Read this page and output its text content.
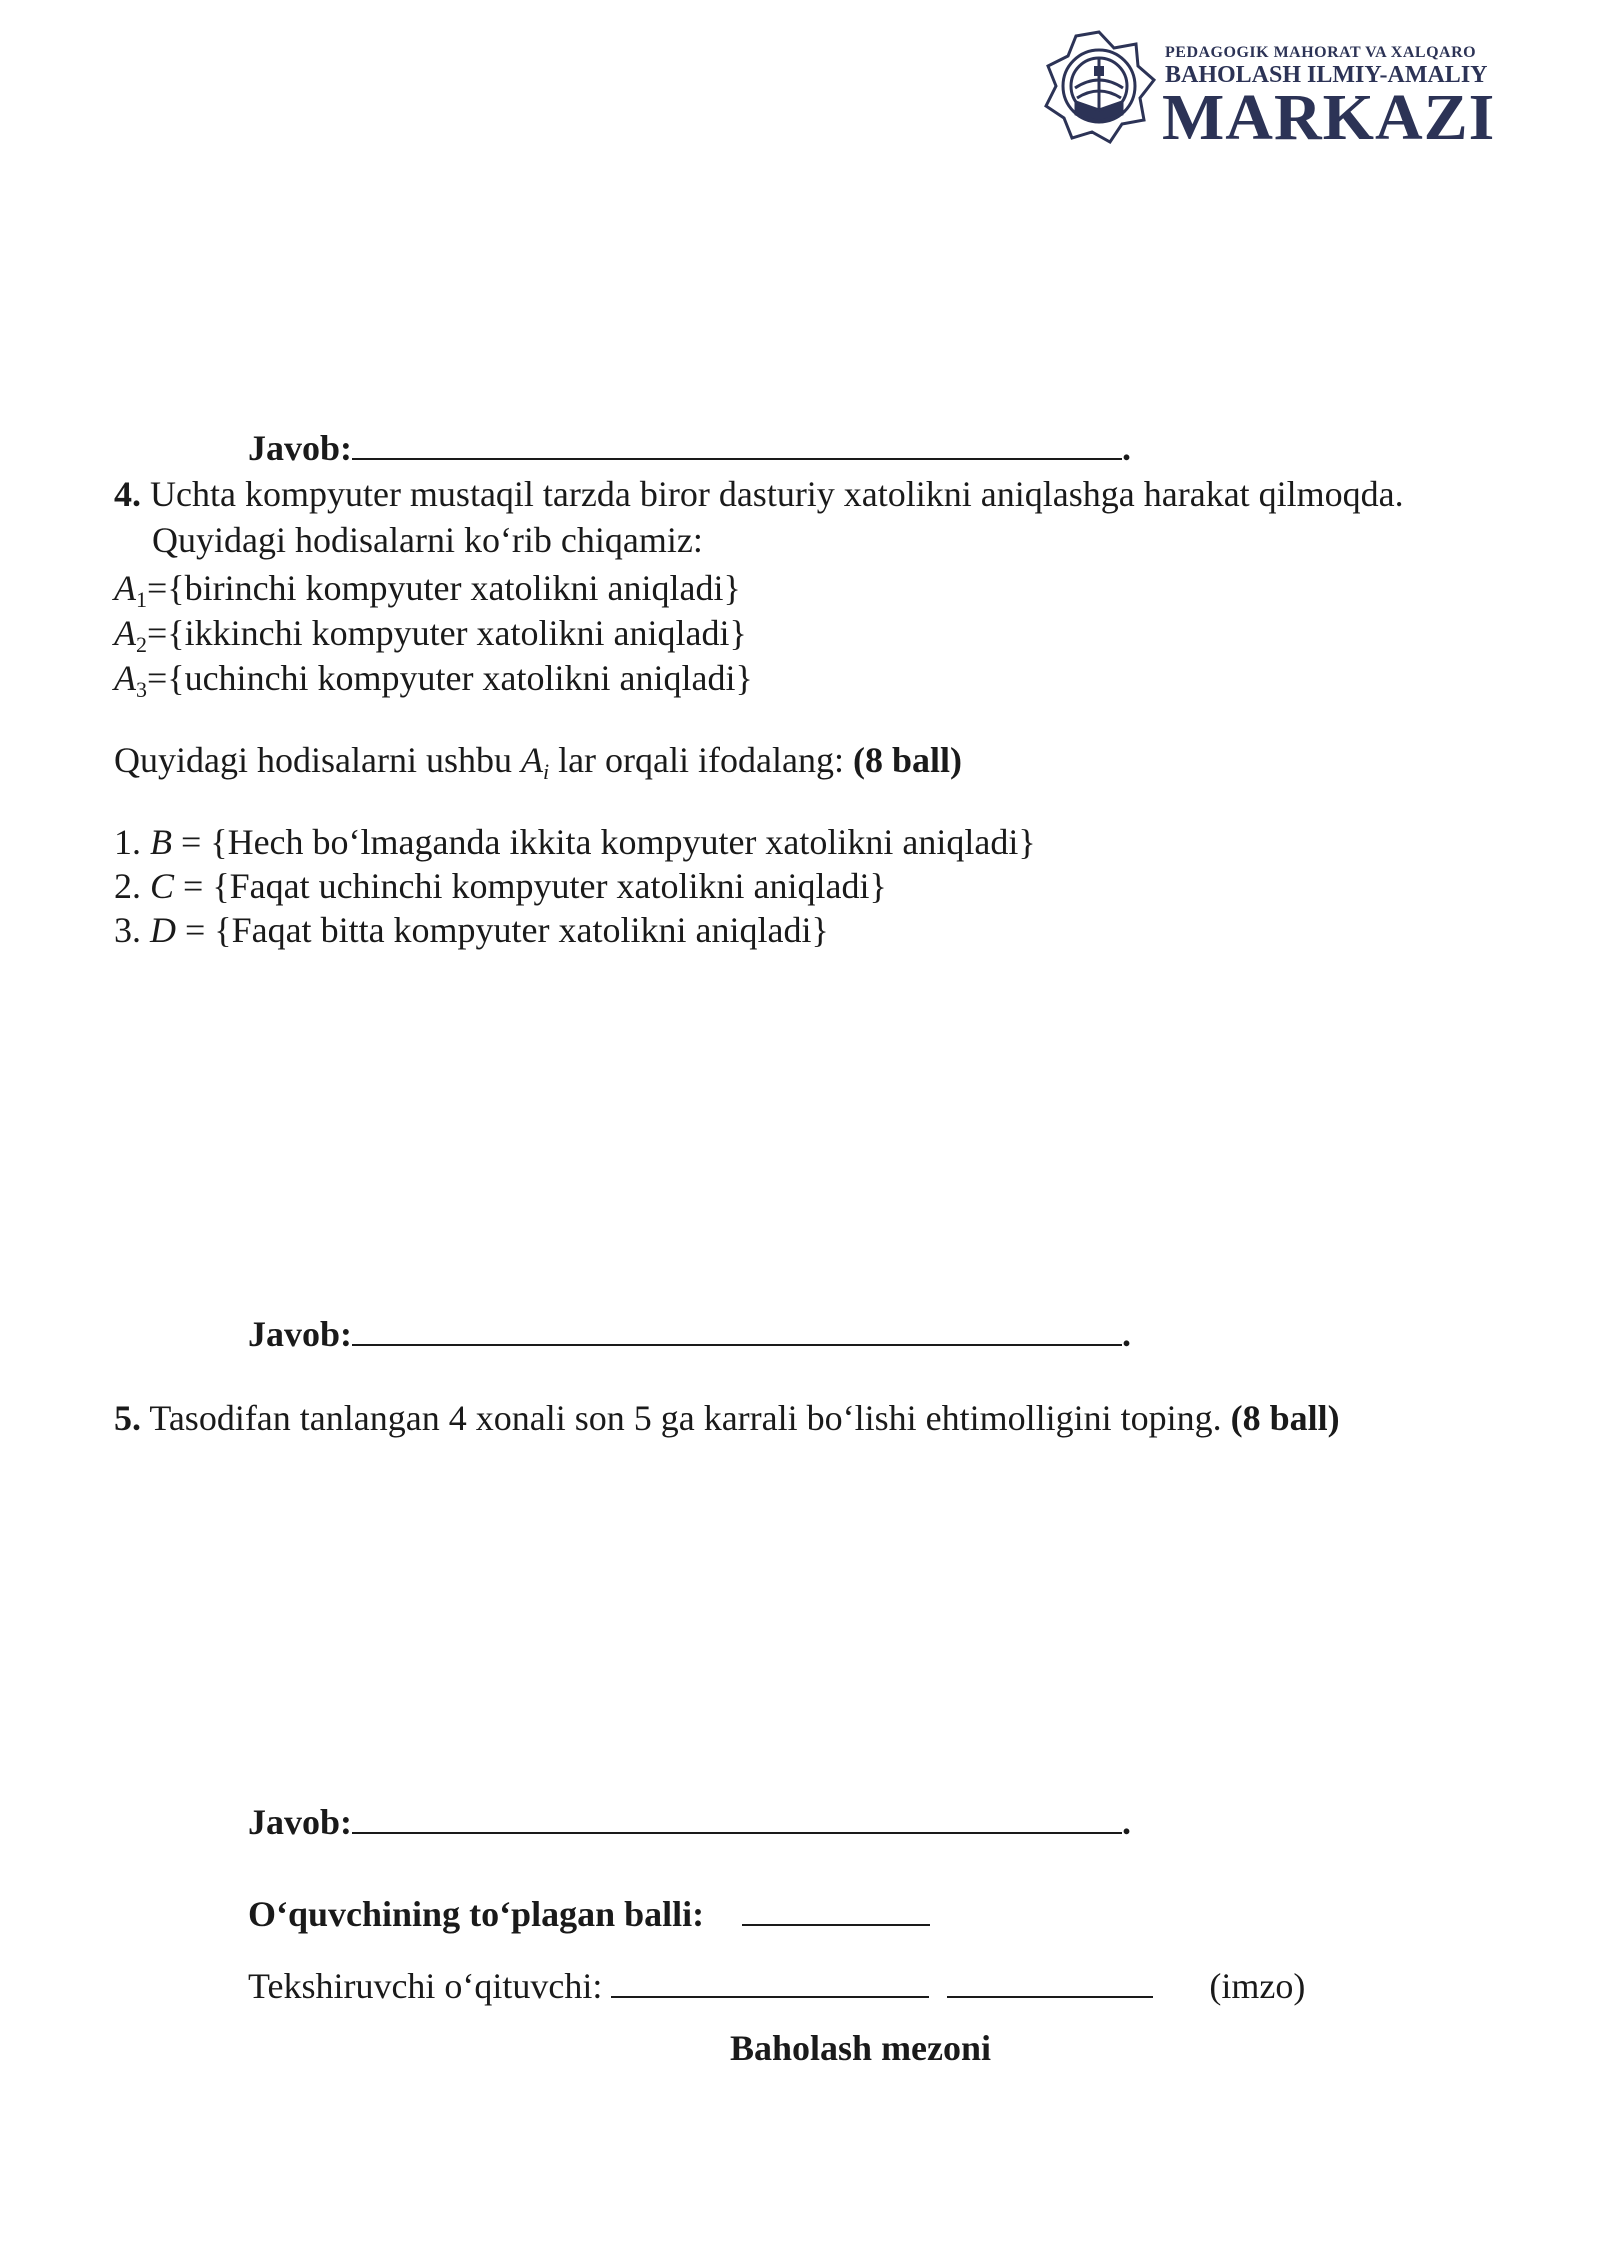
PEDAGOGIK MAHORAT VA XALQARO
BAHOLASH ILMIY-AMALIY
MARKAZI
Javob:	.
4. Uchta kompyuter mustaqil tarzda biror dasturiy xatolikni aniqlashga harakat qilmoqda.
Quyidagi hodisalarni koʻrib chiqamiz:
$A_1=\{birinchi$ kompyuter xatolikni aniqladi}
$A_2=\{ikkinchi$ kompyuter xatolikni aniqladi}
$A_3=\{uchinchi$ kompyuter xatolikni aniqladi}
Quyidagi hodisalarni ushbu Ai lar orqali ifodalang: (8 ball)
1. B = {Hech boʻlmaganda ikkita kompyuter xatolikni aniqladi}
2. C = {Faqat uchinchi kompyuter xatolikni aniqladi}
3. D = {Faqat bitta kompyuter xatolikni aniqladi}
Javob:	.
5. Tasodifan tanlangan 4 xonali son 5 ga karrali boʻlishi ehtimolligini toping. (8 ball)
Javob:	.
Oʻquvchining toʻplagan balli:
Tekshiruvchi oʻqituvchi:	(imzo)
Baholash mezoni
